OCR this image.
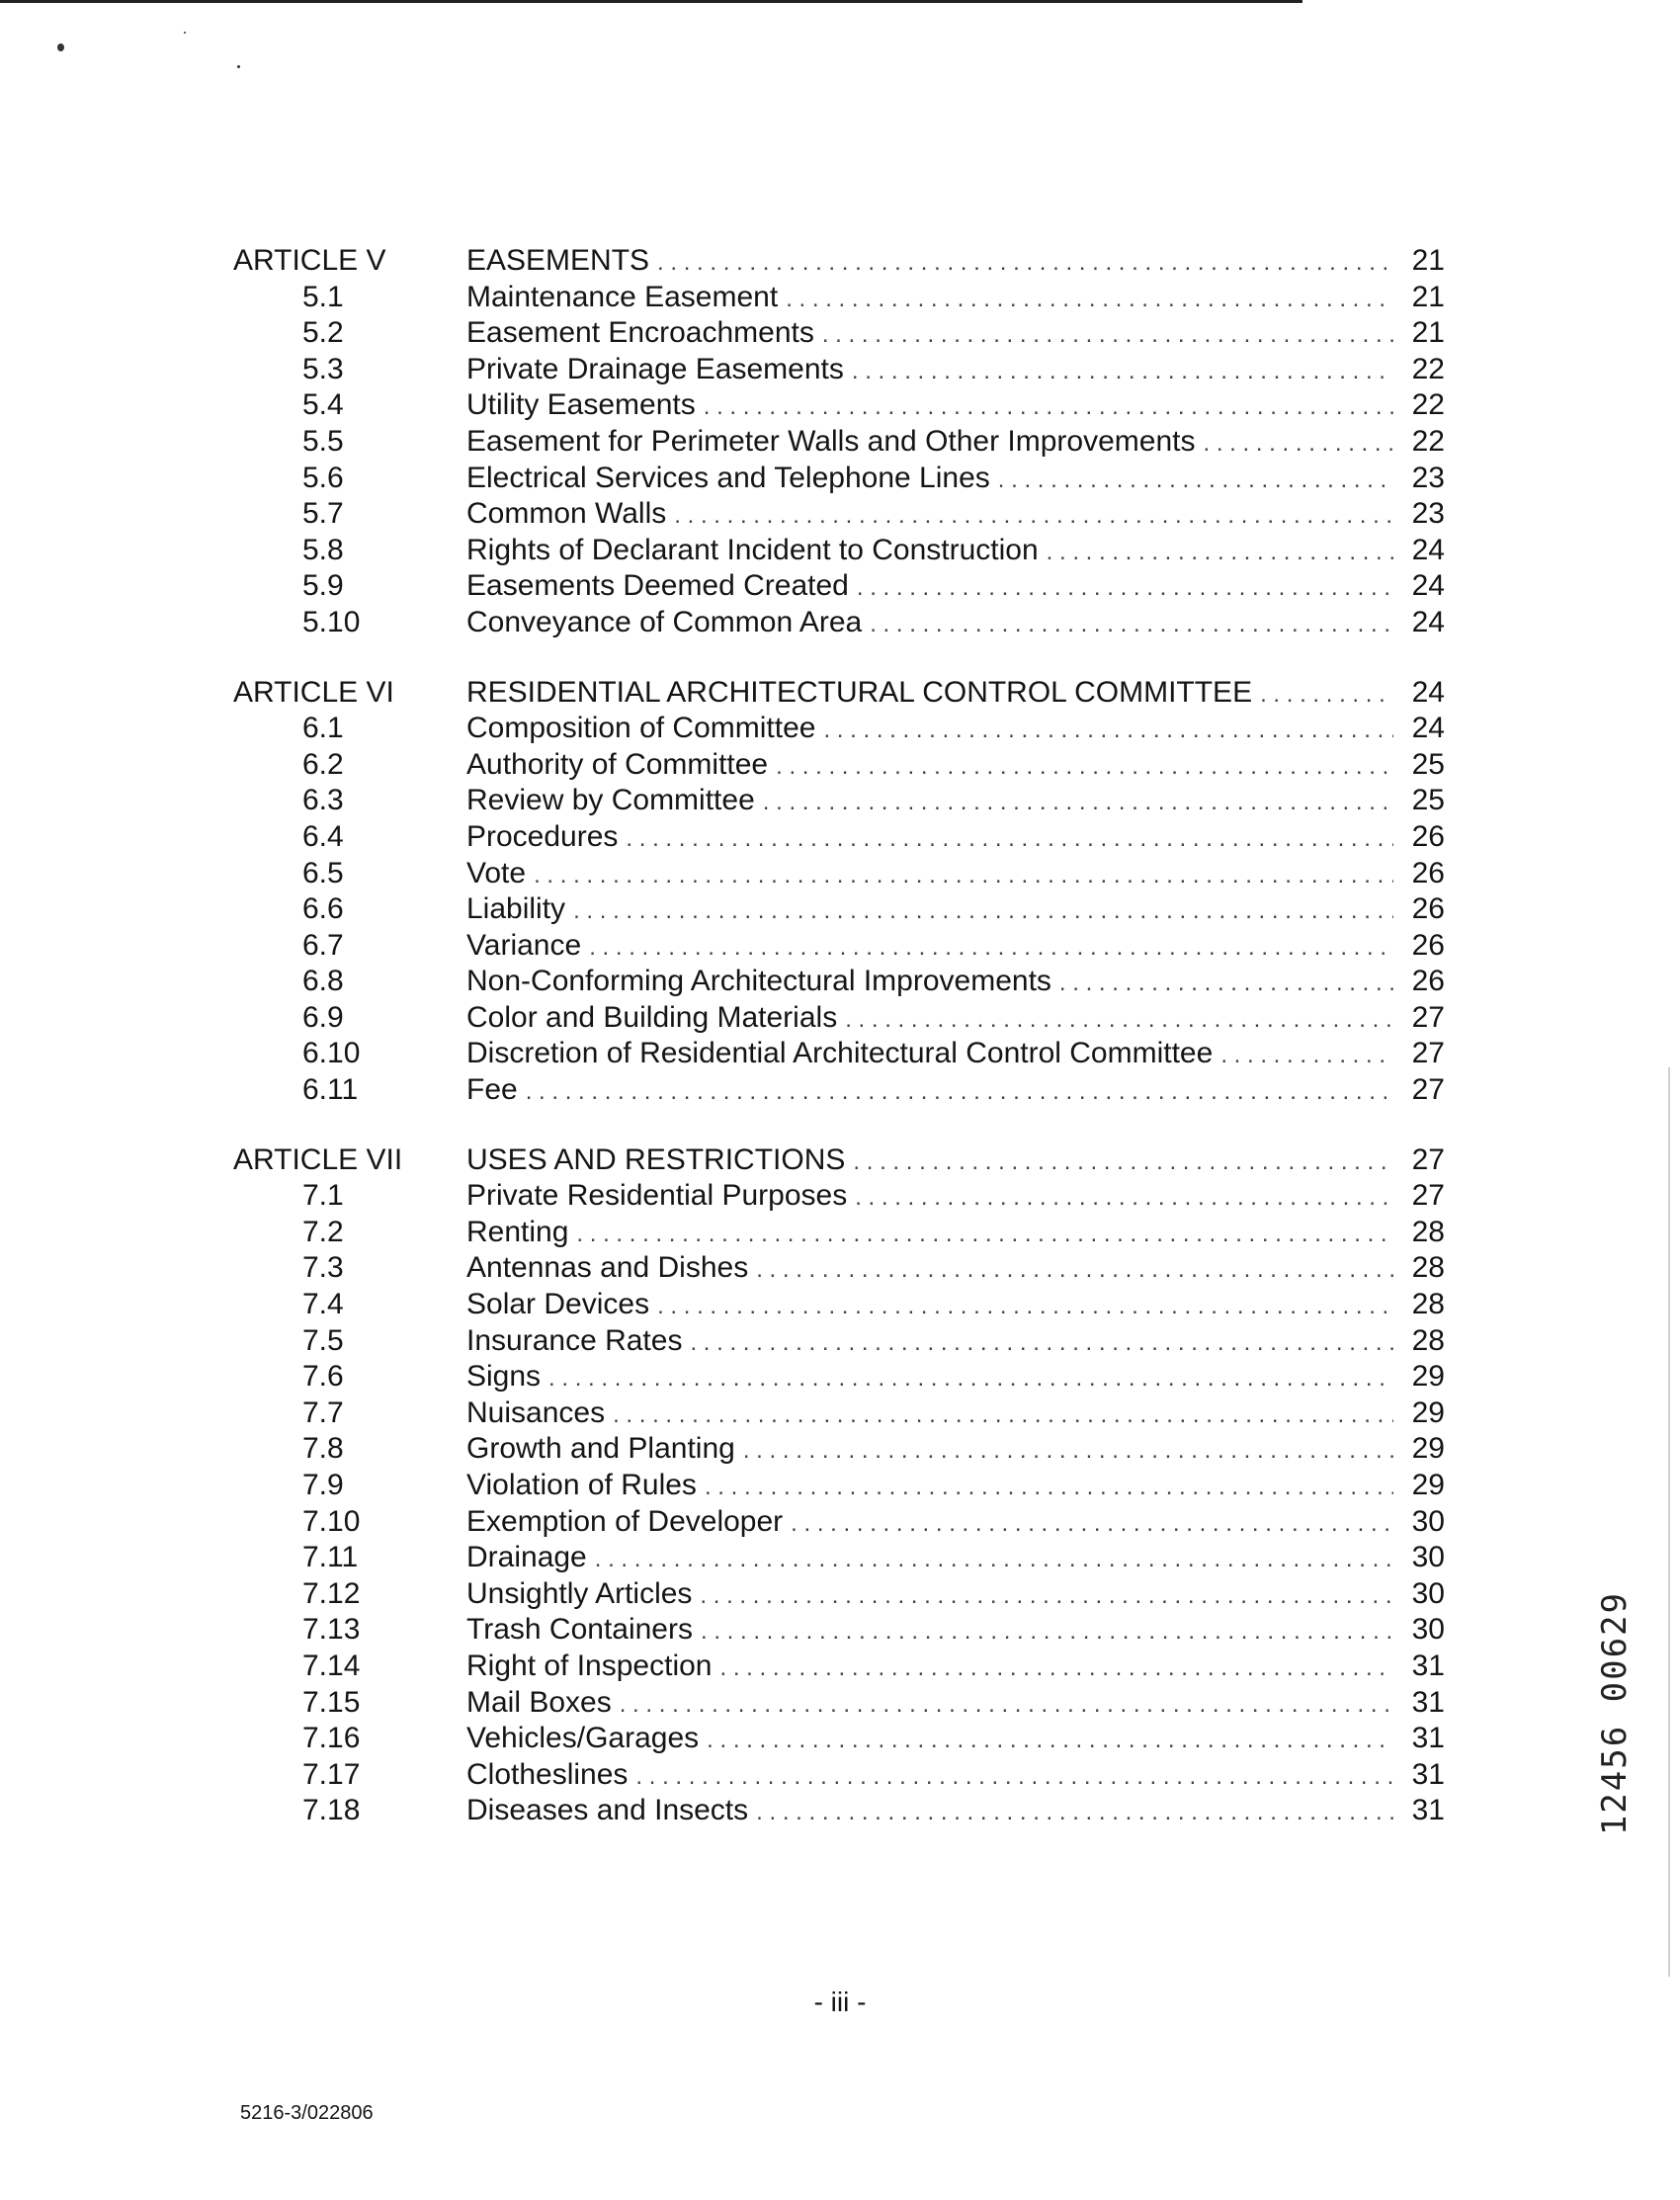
ARTICLE V	EASEMENTS . . .	21
5.1	Maintenance Easement . . .	21
5.2	Easement Encroachments . . .	21
5.3	Private Drainage Easements . . .	22
5.4	Utility Easements . . .	22
5.5	Easement for Perimeter Walls and Other Improvements . . .	22
5.6	Electrical Services and Telephone Lines . . .	23
5.7	Common Walls . . .	23
5.8	Rights of Declarant Incident to Construction . . .	24
5.9	Easements Deemed Created . . .	24
5.10	Conveyance of Common Area . . .	24
ARTICLE VI	RESIDENTIAL ARCHITECTURAL CONTROL COMMITTEE . . .	24
6.1	Composition of Committee . . .	24
6.2	Authority of Committee . . .	25
6.3	Review by Committee . . .	25
6.4	Procedures . . .	26
6.5	Vote . . .	26
6.6	Liability . . .	26
6.7	Variance . . .	26
6.8	Non-Conforming Architectural Improvements . . .	26
6.9	Color and Building Materials . . .	27
6.10	Discretion of Residential Architectural Control Committee . . .	27
6.11	Fee . . .	27
ARTICLE VII	USES AND RESTRICTIONS . . .	27
7.1	Private Residential Purposes . . .	27
7.2	Renting . . .	28
7.3	Antennas and Dishes . . .	28
7.4	Solar Devices . . .	28
7.5	Insurance Rates . . .	28
7.6	Signs . . .	29
7.7	Nuisances . . .	29
7.8	Growth and Planting . . .	29
7.9	Violation of Rules . . .	29
7.10	Exemption of Developer . . .	30
7.11	Drainage . . .	30
7.12	Unsightly Articles . . .	30
7.13	Trash Containers . . .	30
7.14	Right of Inspection . . .	31
7.15	Mail Boxes . . .	31
7.16	Vehicles/Garages . . .	31
7.17	Clotheslines . . .	31
7.18	Diseases and Insects . . .	31
- iii -
5216-3/022806
12456 00629
